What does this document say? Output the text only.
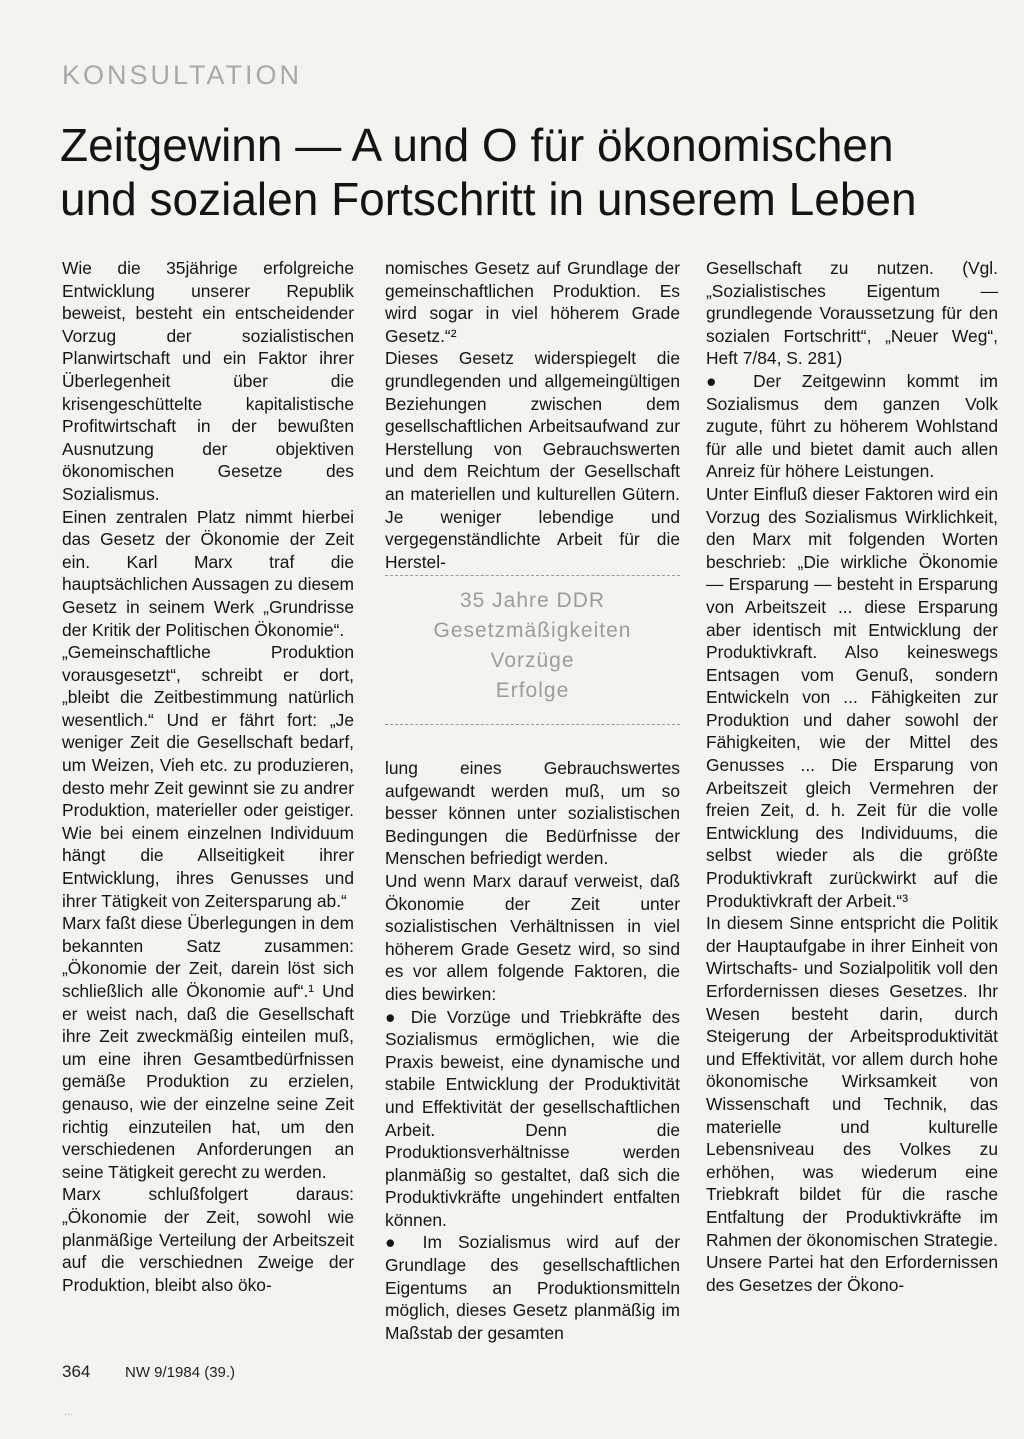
KONSULTATION
Zeitgewinn — A und O für ökonomischen und sozialen Fortschritt in unserem Leben

Wie die 35jährige erfolgreiche Entwicklung unserer Republik beweist, besteht ein entscheidender Vorzug der sozialistischen Planwirtschaft und ein Faktor ihrer Überlegenheit über die krisengeschüttelte kapitalistische Profitwirtschaft in der bewußten Ausnutzung der objektiven ökonomischen Gesetze des Sozialismus.

Einen zentralen Platz nimmt hierbei das Gesetz der Ökonomie der Zeit ein. Karl Marx traf die hauptsächlichen Aussagen zu diesem Gesetz in seinem Werk „Grundrisse der Kritik der Politischen Ökonomie“.

„Gemeinschaftliche Produktion vorausgesetzt“, schreibt er dort, „bleibt die Zeitbestimmung natürlich wesentlich.“ Und er fährt fort: „Je weniger Zeit die Gesellschaft bedarf, um Weizen, Vieh etc. zu produzieren, desto mehr Zeit gewinnt sie zu andrer Produktion, materieller oder geistiger. Wie bei einem einzelnen Individuum hängt die Allseitigkeit ihrer Entwicklung, ihres Genusses und ihrer Tätigkeit von Zeitersparung ab.“

Marx faßt diese Überlegungen in dem bekannten Satz zusammen: „Ökonomie der Zeit, darein löst sich schließlich alle Ökonomie auf“.¹ Und er weist nach, daß die Gesellschaft ihre Zeit zweckmäßig einteilen muß, um eine ihren Gesamtbedürfnissen gemäße Produktion zu erzielen, genauso, wie der einzelne seine Zeit richtig einzuteilen hat, um den verschiedenen Anforderungen an seine Tätigkeit gerecht zu werden.

Marx schlußfolgert daraus: „Ökonomie der Zeit, sowohl wie planmäßige Verteilung der Arbeitszeit auf die verschiednen Zweige der Produktion, bleibt also öko-

nomisches Gesetz auf Grundlage der gemeinschaftlichen Produktion. Es wird sogar in viel höherem Grade Gesetz.“²

Dieses Gesetz widerspiegelt die grundlegenden und allgemeingültigen Beziehungen zwischen dem gesellschaftlichen Arbeitsaufwand zur Herstellung von Gebrauchswerten und dem Reichtum der Gesellschaft an materiellen und kulturellen Gütern. Je weniger lebendige und vergegenständlichte Arbeit für die Herstel-

35 Jahre DDR
Gesetzmäßigkeiten
Vorzüge
Erfolge

lung eines Gebrauchswertes aufgewandt werden muß, um so besser können unter sozialistischen Bedingungen die Bedürfnisse der Menschen befriedigt werden.

Und wenn Marx darauf verweist, daß Ökonomie der Zeit unter sozialistischen Verhältnissen in viel höherem Grade Gesetz wird, so sind es vor allem folgende Faktoren, die dies bewirken:

● Die Vorzüge und Triebkräfte des Sozialismus ermöglichen, wie die Praxis beweist, eine dynamische und stabile Entwicklung der Produktivität und Effektivität der gesellschaftlichen Arbeit. Denn die Produktionsverhältnisse werden planmäßig so gestaltet, daß sich die Produktivkräfte ungehindert entfalten können.

● Im Sozialismus wird auf der Grundlage des gesellschaftlichen Eigentums an Produktionsmitteln möglich, dieses Gesetz planmäßig im Maßstab der gesamten

Gesellschaft zu nutzen. (Vgl. „Sozialistisches Eigentum — grundlegende Voraussetzung für den sozialen Fortschritt“, „Neuer Weg“, Heft 7/84, S. 281)

● Der Zeitgewinn kommt im Sozialismus dem ganzen Volk zugute, führt zu höherem Wohlstand für alle und bietet damit auch allen Anreiz für höhere Leistungen.

Unter Einfluß dieser Faktoren wird ein Vorzug des Sozialismus Wirklichkeit, den Marx mit folgenden Worten beschrieb: „Die wirkliche Ökonomie — Ersparung — besteht in Ersparung von Arbeitszeit ... diese Ersparung aber identisch mit Entwicklung der Produktivkraft. Also keineswegs Entsagen vom Genuß, sondern Entwickeln von ... Fähigkeiten zur Produktion und daher sowohl der Fähigkeiten, wie der Mittel des Genusses ... Die Ersparung von Arbeitszeit gleich Vermehren der freien Zeit, d. h. Zeit für die volle Entwicklung des Individuums, die selbst wieder als die größte Produktivkraft zurückwirkt auf die Produktivkraft der Arbeit.“³

In diesem Sinne entspricht die Politik der Hauptaufgabe in ihrer Einheit von Wirtschafts- und Sozialpolitik voll den Erfordernissen dieses Gesetzes. Ihr Wesen besteht darin, durch Steigerung der Arbeitsproduktivität und Effektivität, vor allem durch hohe ökonomische Wirksamkeit von Wissenschaft und Technik, das materielle und kulturelle Lebensniveau des Volkes zu erhöhen, was wiederum eine Triebkraft bildet für die rasche Entfaltung der Produktivkräfte im Rahmen der ökonomischen Strategie.

Unsere Partei hat den Erfordernissen des Gesetzes der Ökono-

364 NW 9/1984 (39.)
·‧·
